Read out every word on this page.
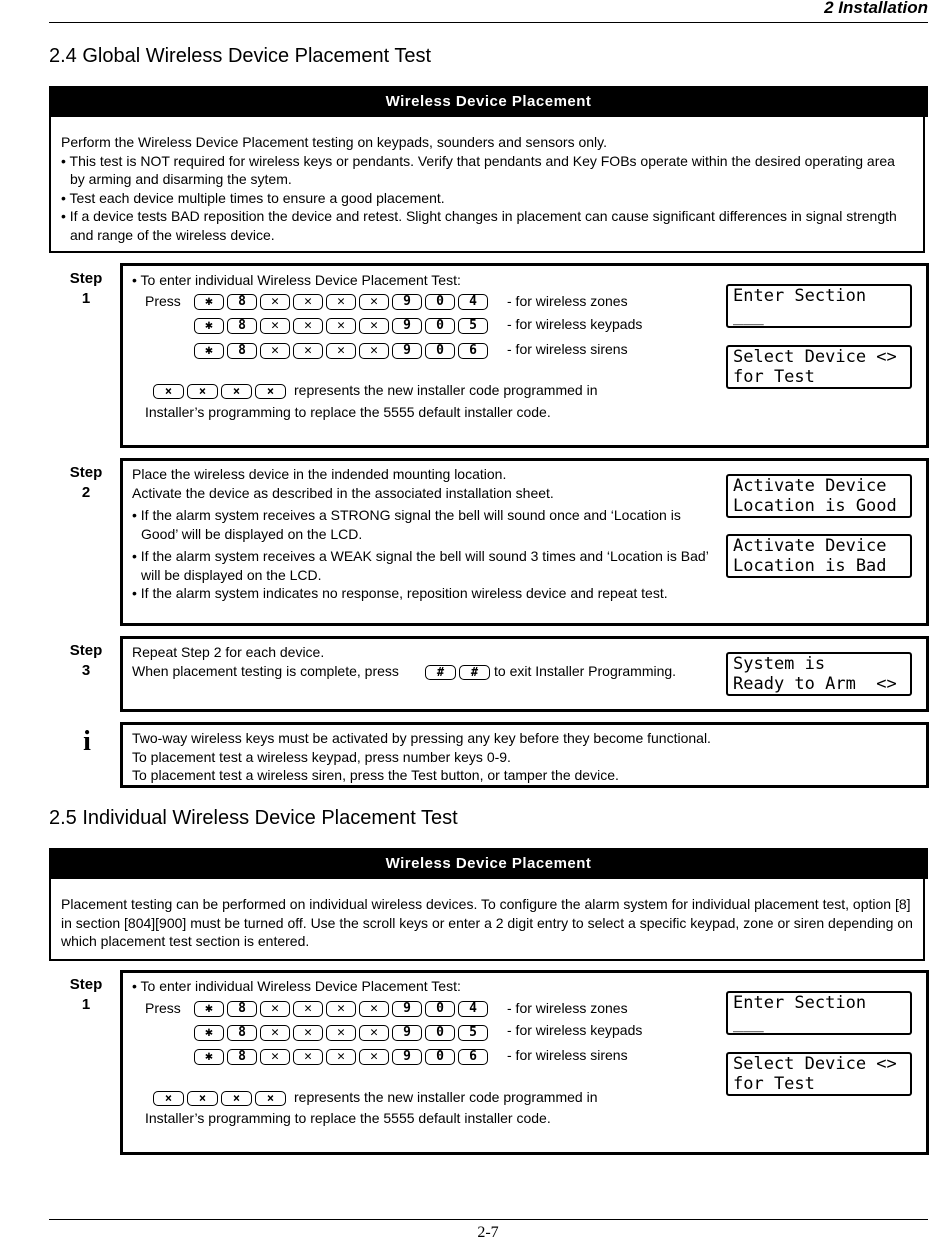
2 Installation
2.4 Global Wireless Device Placement Test
Wireless Device Placement
Perform the Wireless Device Placement testing on keypads, sounders and sensors only.
• This test is NOT required for wireless keys or pendants. Verify that pendants and Key FOBs operate within the desired operating area by arming and disarming the sytem.
• Test each device multiple times to ensure a good placement.
• If a device tests BAD reposition the device and retest. Slight changes in placement can cause significant differences in signal strength and range of the wireless device.
Step
1
• To enter individual Wireless Device Placement Test:
Press	✱ 8 ✕ ✕ ✕ ✕ 9 0 4	- for wireless zones
✱ 8 ✕ ✕ ✕ ✕ 9 0 5	- for wireless keypads
✱ 8 ✕ ✕ ✕ ✕ 9 0 6	- for wireless sirens
× × × ×	represents the new installer code programmed in
Installer’s programming to replace the 5555 default installer code.
Enter Section
___
Select Device <>
for Test
Step
2
Place the wireless device in the indended mounting location.
Activate the device as described in the associated installation sheet.
• If the alarm system receives a STRONG signal the bell will sound once and ‘Location is Good’ will be displayed on the LCD.
• If the alarm system receives a WEAK signal the bell will sound 3 times and ‘Location is Bad’ will be displayed on the LCD.
• If the alarm system indicates no response, reposition wireless device and repeat test.
Activate Device
Location is Good
Activate Device
Location is Bad
Step
3
Repeat Step 2 for each device.
When placement testing is complete, press	# #	to exit Installer Programming.	System is
Ready to Arm  <>
i	Two-way wireless keys must be activated by pressing any key before they become functional.
To placement test a wireless keypad, press number keys 0-9.
To placement test a wireless siren, press the Test button, or tamper the device.
2.5 Individual Wireless Device Placement Test
Wireless Device Placement
Placement testing can be performed on individual wireless devices. To configure the alarm system for individual placement test, option [8] in section [804][900] must be turned off. Use the scroll keys or enter a 2 digit entry to select a specific keypad, zone or siren depending on which placement test section is entered.
Step
1
• To enter individual Wireless Device Placement Test:
Press	✱ 8 ✕ ✕ ✕ ✕ 9 0 4	- for wireless zones
✱ 8 ✕ ✕ ✕ ✕ 9 0 5	- for wireless keypads
✱ 8 ✕ ✕ ✕ ✕ 9 0 6	- for wireless sirens
× × × ×	represents the new installer code programmed in
Installer’s programming to replace the 5555 default installer code.
Enter Section
___
Select Device <>
for Test
2-7
